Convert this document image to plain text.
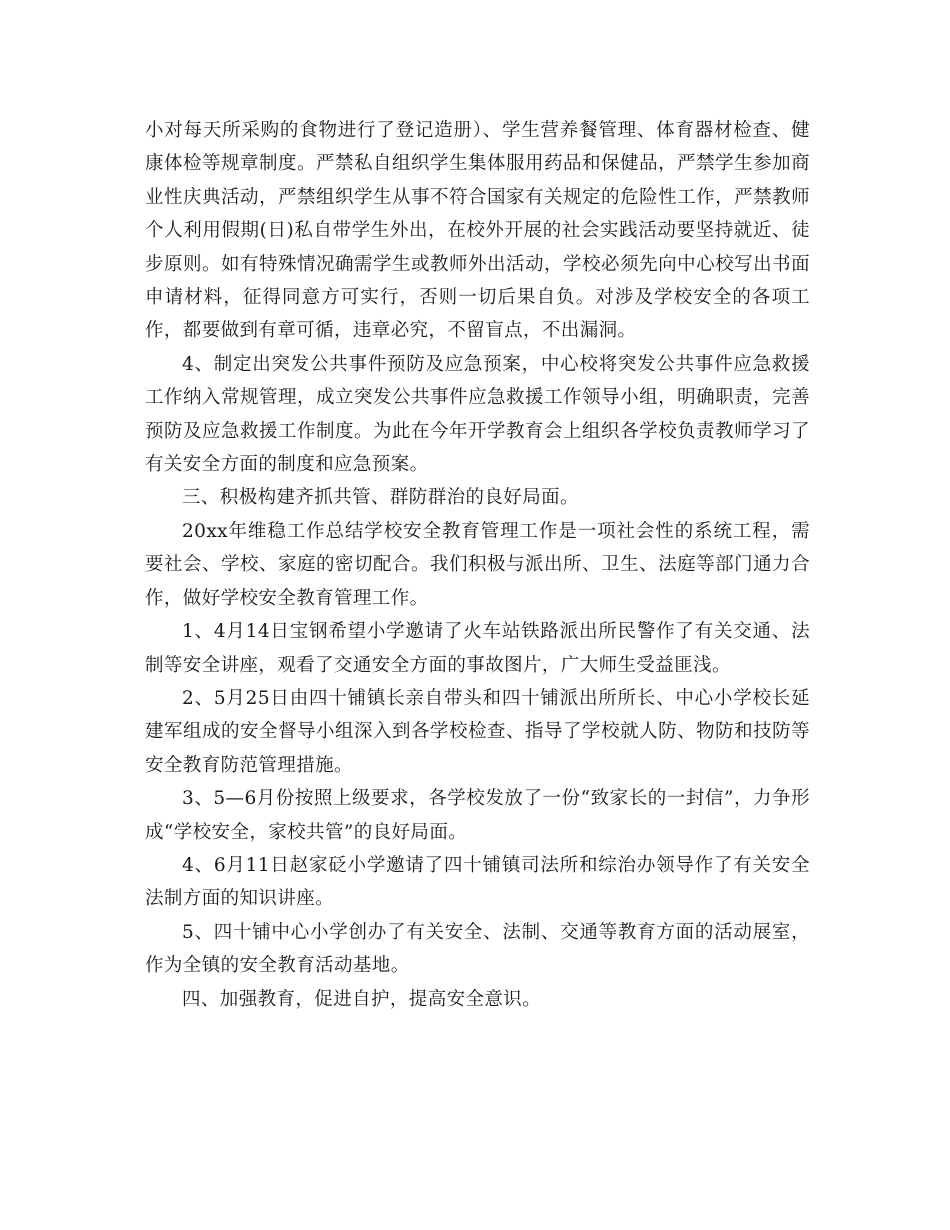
小对每天所采购的食物进行了登记造册）、学生营养餐管理、体育器材检查、健康体检等规章制度。严禁私自组织学生集体服用药品和保健品，严禁学生参加商业性庆典活动，严禁组织学生从事不符合国家有关规定的危险性工作，严禁教师个人利用假期(日)私自带学生外出，在校外开展的社会实践活动要坚持就近、徒步原则。如有特殊情况确需学生或教师外出活动，学校必须先向中心校写出书面申请材料，征得同意方可实行，否则一切后果自负。对涉及学校安全的各项工作，都要做到有章可循，违章必究，不留盲点，不出漏洞。

4、制定出突发公共事件预防及应急预案，中心校将突发公共事件应急救援工作纳入常规管理，成立突发公共事件应急救援工作领导小组，明确职责，完善预防及应急救援工作制度。为此在今年开学教育会上组织各学校负责教师学习了有关安全方面的制度和应急预案。

三、积极构建齐抓共管、群防群治的良好局面。

20xx年维稳工作总结学校安全教育管理工作是一项社会性的系统工程，需要社会、学校、家庭的密切配合。我们积极与派出所、卫生、法庭等部门通力合作，做好学校安全教育管理工作。

1、4月14日宝钢希望小学邀请了火车站铁路派出所民警作了有关交通、法制等安全讲座，观看了交通安全方面的事故图片，广大师生受益匪浅。

2、5月25日由四十铺镇长亲自带头和四十铺派出所所长、中心小学校长延建军组成的安全督导小组深入到各学校检查、指导了学校就人防、物防和技防等安全教育防范管理措施。

3、5—6月份按照上级要求，各学校发放了一份“致家长的一封信”，力争形成“学校安全，家校共管”的良好局面。

4、6月11日赵家砭小学邀请了四十铺镇司法所和综治办领导作了有关安全法制方面的知识讲座。

5、四十铺中心小学创办了有关安全、法制、交通等教育方面的活动展室，作为全镇的安全教育活动基地。

四、加强教育，促进自护，提高安全意识。
